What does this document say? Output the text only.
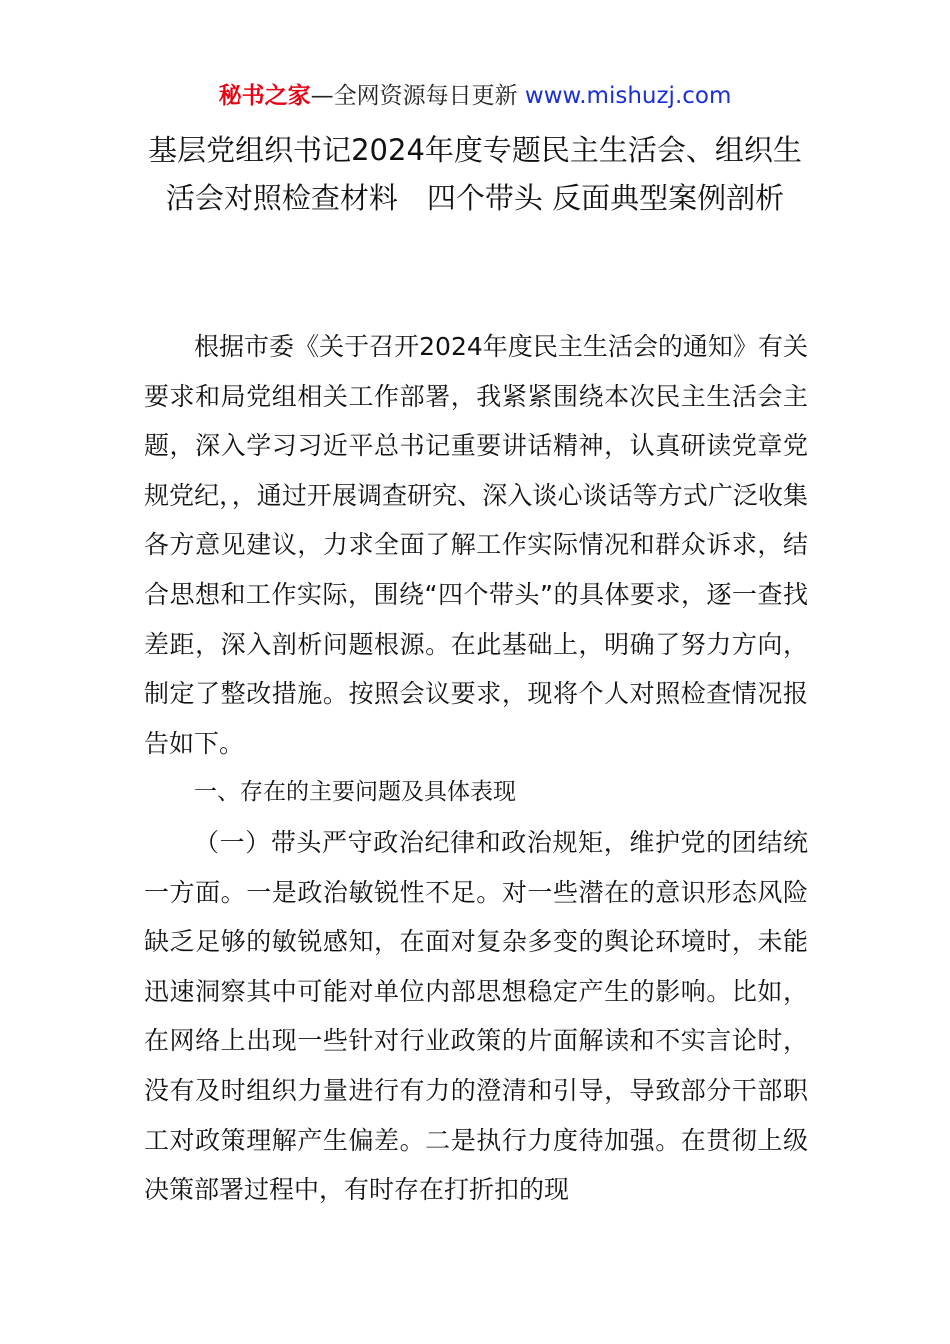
秘书之家—全网资源每日更新 www.mishuzj.com
基层党组织书记2024年度专题民主生活会、组织生活会对照检查材料　四个带头 反面典型案例剖析

根据市委《关于召开2024年度民主生活会的通知》有关要求和局党组相关工作部署，我紧紧围绕本次民主生活会主题，深入学习习近平总书记重要讲话精神，认真研读党章党规党纪，，通过开展调查研究、深入谈心谈话等方式广泛收集各方意见建议，力求全面了解工作实际情况和群众诉求，结合思想和工作实际，围绕“四个带头”的具体要求，逐一查找差距，深入剖析问题根源。在此基础上，明确了努力方向，制定了整改措施。按照会议要求，现将个人对照检查情况报告如下。

一、存在的主要问题及具体表现

（一）带头严守政治纪律和政治规矩，维护党的团结统一方面。一是政治敏锐性不足。对一些潜在的意识形态风险缺乏足够的敏锐感知，在面对复杂多变的舆论环境时，未能迅速洞察其中可能对单位内部思想稳定产生的影响。比如，在网络上出现一些针对行业政策的片面解读和不实言论时，没有及时组织力量进行有力的澄清和引导，导致部分干部职工对政策理解产生偏差。二是执行力度待加强。在贯彻上级决策部署过程中，有时存在打折扣的现
